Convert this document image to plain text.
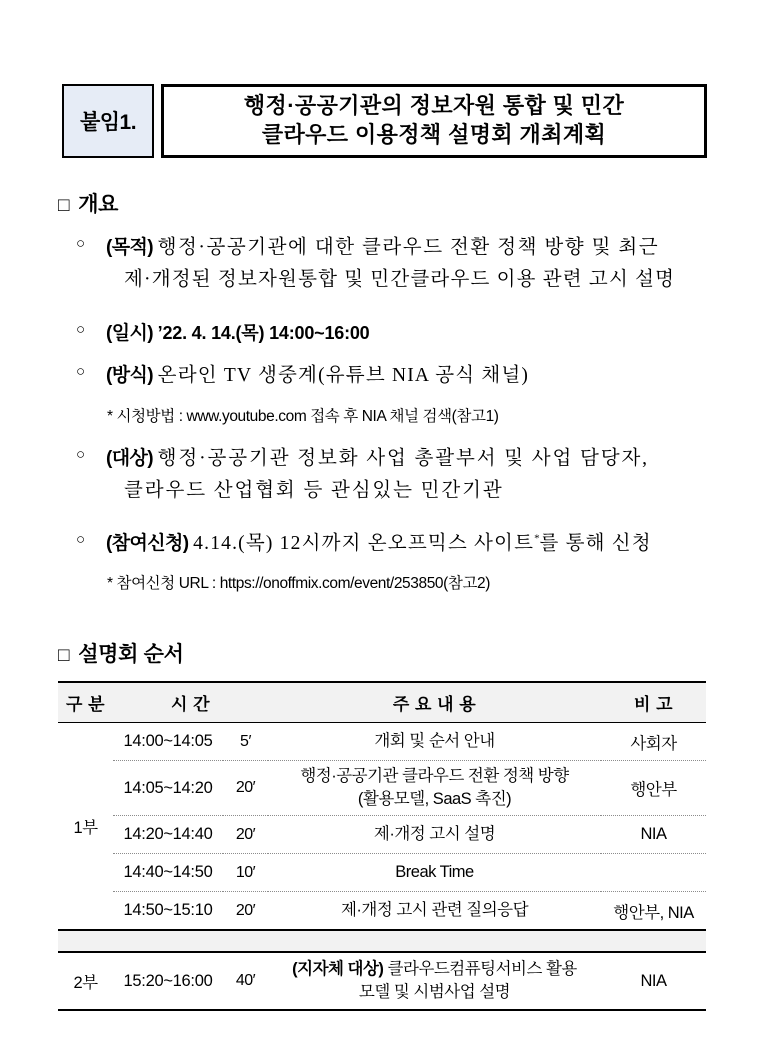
붙임1.
행정·공공기관의 정보자원 통합 및 민간
클라우드 이용정책 설명회 개최계획
□ 개요
○	(목적) 행정·공공기관에 대한 클라우드 전환 정책 방향 및 최근
제·개정된 정보자원통합 및 민간클라우드 이용 관련 고시 설명
○	(일시) ’22. 4. 14.(목) 14:00~16:00
○	(방식) 온라인 TV 생중계(유튜브 NIA 공식 채널)
* 시청방법 : www.youtube.com 접속 후 NIA 채널 검색(참고1)
○	(대상) 행정·공공기관 정보화 사업 총괄부서 및 사업 담당자,
클라우드 산업협회 등 관심있는 민간기관
○	(참여신청) 4.14.(목) 12시까지 온오프믹스 사이트*를 통해 신청
* 참여신청 URL : https://onoffmix.com/event/253850(참고2)
□ 설명회 순서
구 분	시 간		주 요 내 용	비 고
1부	14:00~14:05	5′	개회 및 순서 안내	사회자
	14:05~14:20	20′	행정·공공기관 클라우드 전환 정책 방향
(활용모델, SaaS 촉진)	행안부
	14:20~14:40	20′	제·개정 고시 설명	NIA
	14:40~14:50	10′	Break Time	
	14:50~15:10	20′	제·개정 고시 관련 질의응답	행안부, NIA

2부	15:20~16:00	40′	(지자체 대상) 클라우드컴퓨팅서비스 활용
모델 및 시범사업 설명	NIA
